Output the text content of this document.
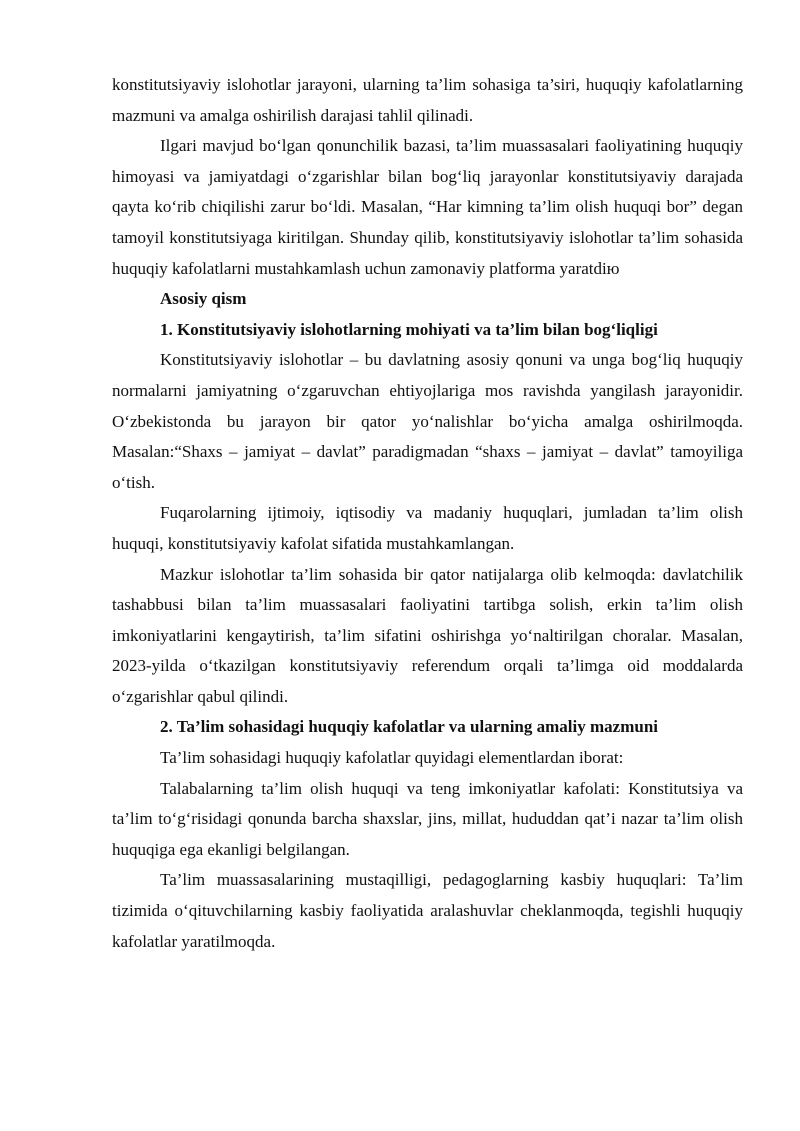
konstitutsiyaviy islohotlar jarayoni, ularning ta’lim sohasiga ta’siri, huquqiy kafolatlarning mazmuni va amalga oshirilish darajasi tahlil qilinadi.

Ilgari mavjud bo‘lgan qonunchilik bazasi, ta’lim muassasalari faoliyatining huquqiy himoyasi va jamiyatdagi o‘zgarishlar bilan bog‘liq jarayonlar konstitutsiyaviy darajada qayta ko‘rib chiqilishi zarur bo‘ldi. Masalan, “Har kimning ta’lim olish huquqi bor” degan tamoyil konstitutsiyaga kiritilgan. Shunday qilib, konstitutsiyaviy islohotlar ta’lim sohasida huquqiy kafolatlarni mustahkamlash uchun zamonaviy platforma yaratdiю

Asosiy qism

1. Konstitutsiyaviy islohotlarning mohiyati va ta’lim bilan bog‘liqligi

Konstitutsiyaviy islohotlar – bu davlatning asosiy qonuni va unga bog‘liq huquqiy normalarni jamiyatning o‘zgaruvchan ehtiyojlariga mos ravishda yangilash jarayonidir. O‘zbekistonda bu jarayon bir qator yo‘nalishlar bo‘yicha amalga oshirilmoqda. Masalan:“Shaxs – jamiyat – davlat” paradigmadan “shaxs – jamiyat – davlat” tamoyiliga o‘tish.

Fuqarolarning ijtimoiy, iqtisodiy va madaniy huquqlari, jumladan ta’lim olish huquqi, konstitutsiyaviy kafolat sifatida mustahkamlangan.

Mazkur islohotlar ta’lim sohasida bir qator natijalarga olib kelmoqda: davlatchilik tashabbusi bilan ta’lim muassasalari faoliyatini tartibga solish, erkin ta’lim olish imkoniyatlarini kengaytirish, ta’lim sifatini oshirishga yo‘naltirilgan choralar. Masalan, 2023-yilda o‘tkazilgan konstitutsiyaviy referendum orqali ta’limga oid moddalarda o‘zgarishlar qabul qilindi.

2. Ta’lim sohasidagi huquqiy kafolatlar va ularning amaliy mazmuni

Ta’lim sohasidagi huquqiy kafolatlar quyidagi elementlardan iborat:

Talabalarning ta’lim olish huquqi va teng imkoniyatlar kafolati: Konstitutsiya va ta’lim to‘g‘risidagi qonunda barcha shaxslar, jins, millat, hududdan qat’i nazar ta’lim olish huquqiga ega ekanligi belgilangan.

Ta’lim muassasalarining mustaqilligi, pedagoglarning kasbiy huquqlari: Ta’lim tizimida o‘qituvchilarning kasbiy faoliyatida aralashuvlar cheklanmoqda, tegishli huquqiy kafolatlar yaratilmoqda.
